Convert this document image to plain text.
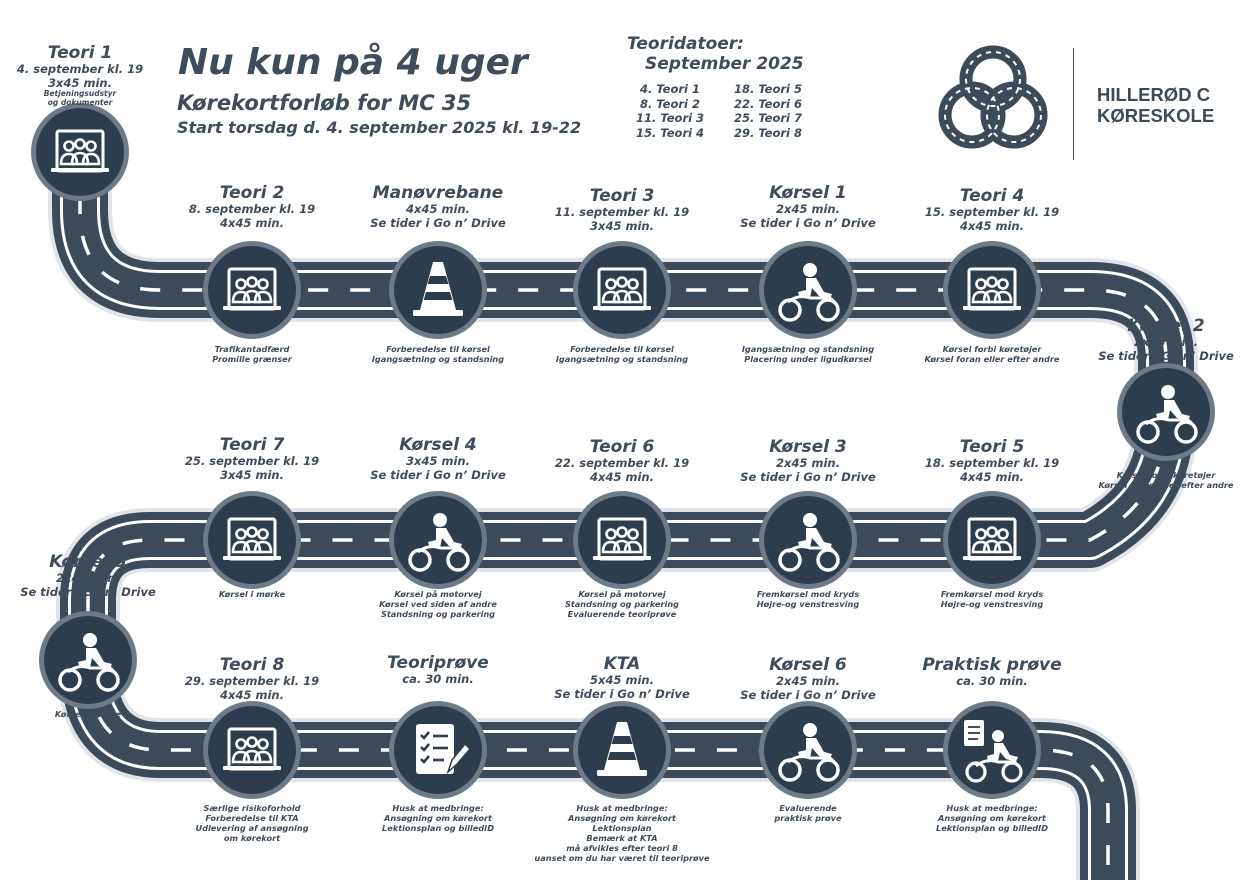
Nu kun på 4 uger
Kørekortforløb for MC 35
Start torsdag d. 4. september 2025 kl. 19-22
Teoridatoer:
September 2025
4. Teori 1
8. Teori 2
11. Teori 3
15. Teori 4
18. Teori 5
22. Teori 6
25. Teori 7
29. Teori 8
HILLERØD C
KØRESKOLE
Teori 1
4. september kl. 19
3x45 min.
Betjeningsudstyr
og dokumenter
Teori 2
8. september kl. 19
4x45 min.
Trafikantadfærd
Promille grænser
Manøvrebane
4x45 min.
Se tider i Go n’ Drive
Forberedelse til kørsel
Igangsætning og standsning
Teori 3
11. september kl. 19
3x45 min.
Forberedelse til kørsel
Igangsætning og standsning
Kørsel 1
2x45 min.
Se tider i Go n’ Drive
Igangsætning og standsning
Placering under ligudkørsel
Teori 4
15. september kl. 19
4x45 min.
Kørsel forbi køretøjer
Kørsel foran eller efter andre
Kørsel 2
2x45 min.
Se tider i Go n’ Drive
Kørsel forbi køretøjer
Kørsel foran eller efter andre
Teori 5
18. september kl. 19
4x45 min.
Fremkørsel mod kryds
Højre-og venstresving
Kørsel 3
2x45 min.
Se tider i Go n’ Drive
Fremkørsel mod kryds
Højre-og venstresving
Teori 6
22. september kl. 19
4x45 min.
Kørsel på motorvej
Standsning og parkering
Evaluerende teoriprøve
Kørsel 4
3x45 min.
Se tider i Go n’ Drive
Kørsel på motorvej
Kørsel ved siden af andre
Standsning og parkering
Teori 7
25. september kl. 19
3x45 min.
Kørsel i mørke
Kørsel 5
2x45 min.
Se tider i Go n’ Drive
Kørsel i mørke
Teori 8
29. september kl. 19
4x45 min.
Særlige risikoforhold
Forberedelse til KTA
Udlevering af ansøgning
om kørekort
Teoriprøve
ca. 30 min.
Husk at medbringe:
Ansøgning om kørekort
Lektionsplan og billedID
KTA
5x45 min.
Se tider i Go n’ Drive
Husk at medbringe:
Ansøgning om kørekort
Lektionsplan
Bemærk at KTA
må afvikles efter teori 8
uanset om du har været til teoriprøve
Kørsel 6
2x45 min.
Se tider i Go n’ Drive
Evaluerende
praktisk prøve
Praktisk prøve
ca. 30 min.
Husk at medbringe:
Ansøgning om kørekort
Lektionsplan og billedID
